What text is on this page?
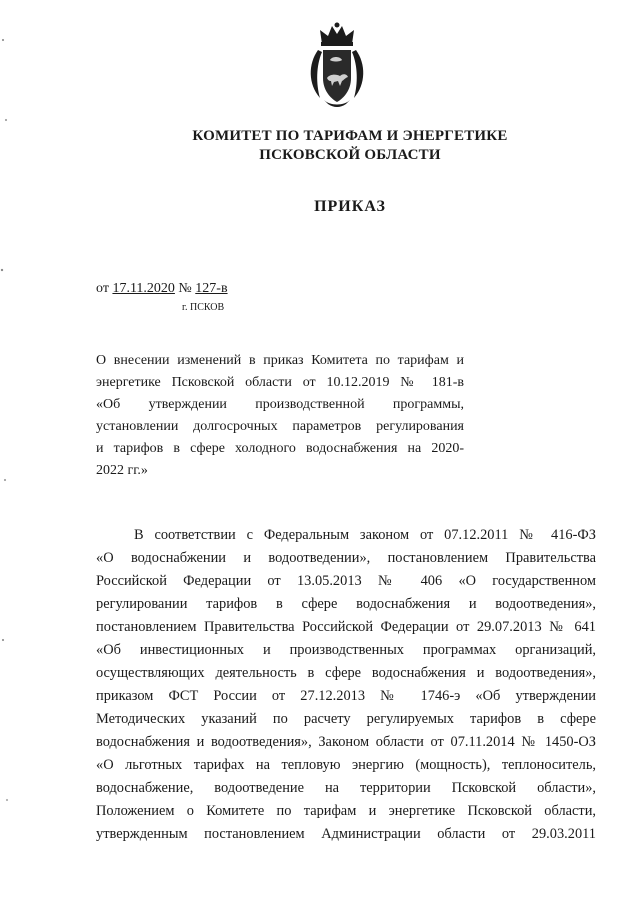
КОМИТЕТ ПО ТАРИФАМ И ЭНЕРГЕТИКЕ
ПСКОВСКОЙ ОБЛАСТИ
ПРИКАЗ
от 17.11.2020 № 127-в
г. ПСКОВ
О внесении изменений в приказ Комитета по тарифам и
энергетике Псковской области от 10.12.2019 № 181-в
«Об утверждении производственной программы,
установлении долгосрочных параметров регулирования
и тарифов в сфере холодного водоснабжения на 2020-
2022 гг.»
В соответствии с Федеральным законом от 07.12.2011 № 416-ФЗ
«О водоснабжении и водоотведении», постановлением Правительства
Российской Федерации от 13.05.2013 № 406 «О государственном
регулировании тарифов в сфере водоснабжения и водоотведения»,
постановлением Правительства Российской Федерации от 29.07.2013 № 641
«Об инвестиционных и производственных программах организаций,
осуществляющих деятельность в сфере водоснабжения и водоотведения»,
приказом ФСТ России от 27.12.2013 № 1746-э «Об утверждении
Методических указаний по расчету регулируемых тарифов в сфере
водоснабжения и водоотведения», Законом области от 07.11.2014 № 1450-ОЗ
«О льготных тарифах на тепловую энергию (мощность), теплоноситель,
водоснабжение, водоотведение на территории Псковской области»,
Положением о Комитете по тарифам и энергетике Псковской области,
утвержденным постановлением Администрации области от 29.03.2011
